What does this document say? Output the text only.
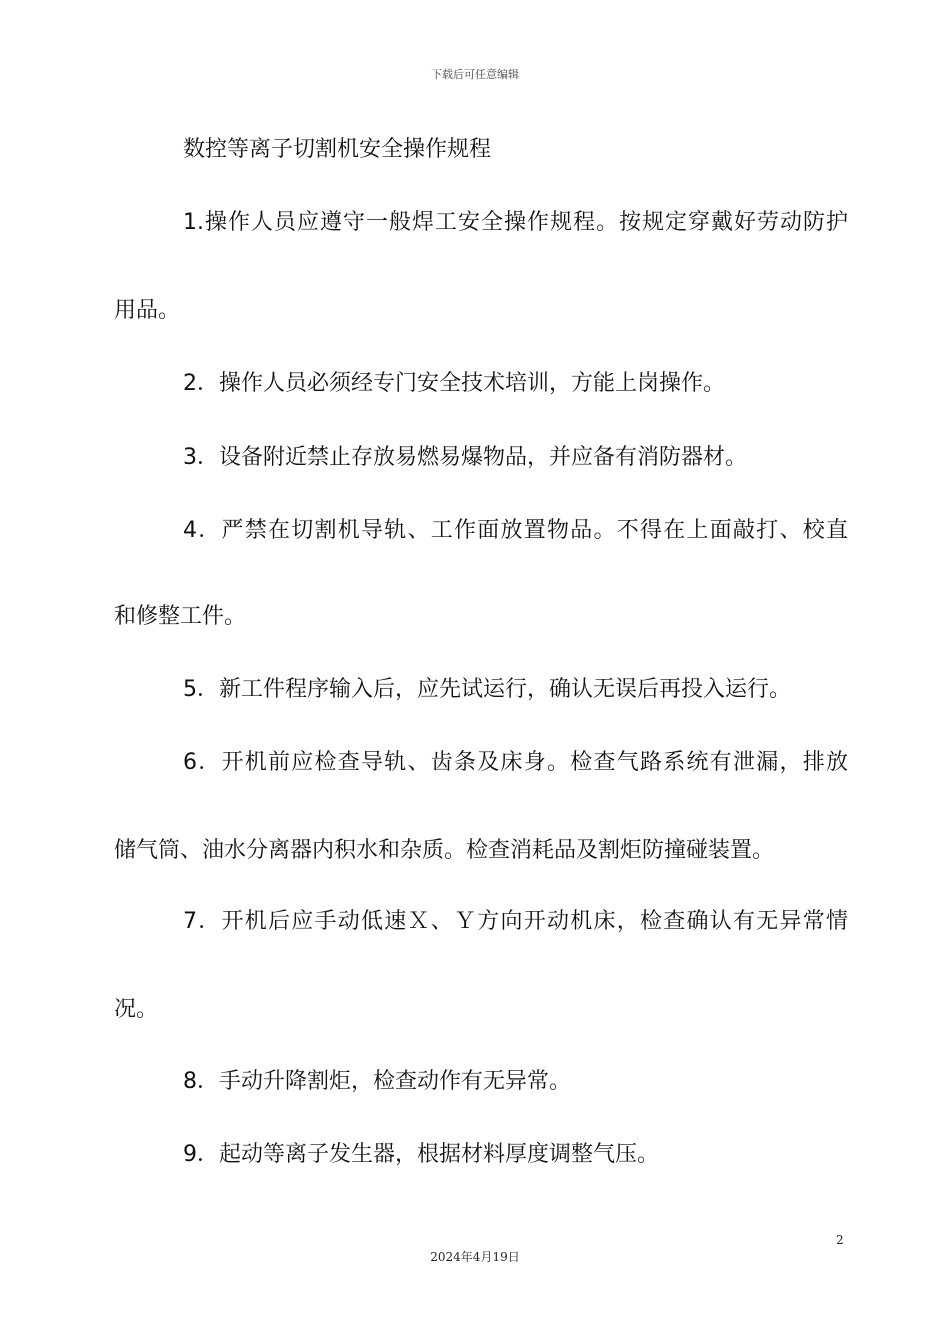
下载后可任意编辑
数控等离子切割机安全操作规程
1.操作人员应遵守一般焊工安全操作规程。按规定穿戴好劳动防护
用品。
2．操作人员必须经专门安全技术培训，方能上岗操作。
3．设备附近禁止存放易燃易爆物品，并应备有消防器材。
4．严禁在切割机导轨、工作面放置物品。不得在上面敲打、校直
和修整工件。
5．新工件程序输入后，应先试运行，确认无误后再投入运行。
6．开机前应检查导轨、齿条及床身。检查气路系统有泄漏，排放
储气筒、油水分离器内积水和杂质。检查消耗品及割炬防撞碰装置。
7．开机后应手动低速Ｘ、Ｙ方向开动机床，检查确认有无异常情
况。
8．手动升降割炬，检查动作有无异常。
9．起动等离子发生器，根据材料厚度调整气压。
2
2024年4月19日
